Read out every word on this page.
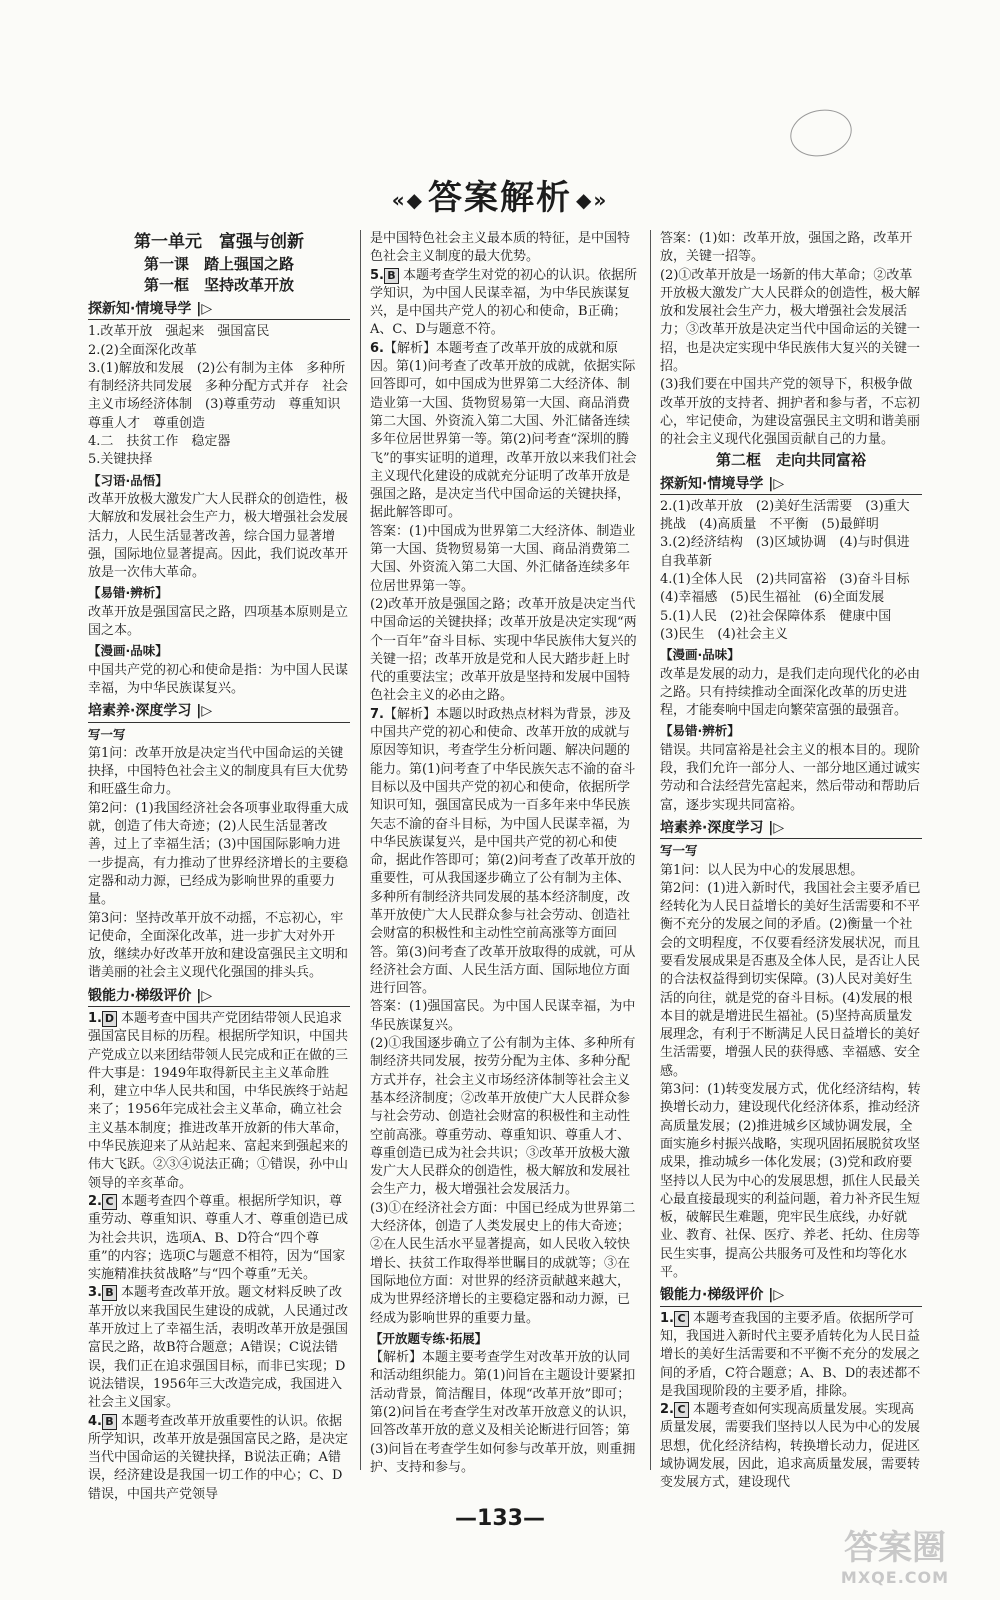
«◆ 答案解析 ◆»
第一单元　富强与创新
第一课　踏上强国之路
第一框　坚持改革开放
探新知·情境导学 |▷

1.改革开放　强起来　强国富民

2.(2)全面深化改革

3.(1)解放和发展　(2)公有制为主体　多种所有制经济共同发展　多种分配方式并存　社会主义市场经济体制　(3)尊重劳动　尊重知识　尊重人才　尊重创造

4.二　扶贫工作　稳定器

5.关键抉择

【习语·品悟】

改革开放极大激发广大人民群众的创造性，极大解放和发展社会生产力，极大增强社会发展活力，人民生活显著改善，综合国力显著增强，国际地位显著提高。因此，我们说改革开放是一次伟大革命。

【易错·辨析】

改革开放是强国富民之路，四项基本原则是立国之本。

【漫画·品味】

中国共产党的初心和使命是指：为中国人民谋幸福，为中华民族谋复兴。

培素养·深度学习 |▷
写一写

第1问：改革开放是决定当代中国命运的关键抉择，中国特色社会主义的制度具有巨大优势和旺盛生命力。

第2问：(1)我国经济社会各项事业取得重大成就，创造了伟大奇迹；(2)人民生活显著改善，过上了幸福生活；(3)中国国际影响力进一步提高，有力推动了世界经济增长的主要稳定器和动力源，已经成为影响世界的重要力量。

第3问：坚持改革开放不动摇，不忘初心，牢记使命，全面深化改革，进一步扩大对外开放，继续办好改革开放和建设富强民主文明和谐美丽的社会主义现代化强国的排头兵。

锻能力·梯级评价 |▷

1. D 本题考查中国共产党团结带领人民追求强国富民目标的历程。根据所学知识，中国共产党成立以来团结带领人民完成和正在做的三件大事是：1949年取得新民主主义革命胜利，建立中华人民共和国，中华民族终于站起来了；1956年完成社会主义革命，确立社会主义基本制度；推进改革开放新的伟大革命，中华民族迎来了从站起来、富起来到强起来的伟大飞跃。②③④说法正确；①错误，孙中山领导的辛亥革命。

2. C 本题考查四个尊重。根据所学知识，尊重劳动、尊重知识、尊重人才、尊重创造已成为社会共识，选项A、B、D符合“四个尊重”的内容；选项C与题意不相符，因为“国家实施精准扶贫战略”与“四个尊重”无关。

3. B 本题考查改革开放。题文材料反映了改革开放以来我国民生建设的成就，人民通过改革开放过上了幸福生活，表明改革开放是强国富民之路，故B符合题意；A错误；C说法错误，我们正在追求强国目标，而非已实现；D说法错误，1956年三大改造完成，我国进入社会主义国家。

4. B 本题考查改革开放重要性的认识。依据所学知识，改革开放是强国富民之路，是决定当代中国命运的关键抉择，B说法正确；A错误，经济建设是我国一切工作的中心；C、D错误，中国共产党领导

是中国特色社会主义最本质的特征，是中国特色社会主义制度的最大优势。

5. B 本题考查学生对党的初心的认识。依据所学知识，为中国人民谋幸福，为中华民族谋复兴，是中国共产党人的初心和使命，B正确；A、C、D与题意不符。

6.【解析】本题考查了改革开放的成就和原因。第(1)问考查了改革开放的成就，依据实际回答即可，如中国成为世界第二大经济体、制造业第一大国、货物贸易第一大国、商品消费第二大国、外资流入第二大国、外汇储备连续多年位居世界第一等。第(2)问考查“深圳的腾飞”的事实证明的道理，改革开放以来我们社会主义现代化建设的成就充分证明了改革开放是强国之路，是决定当代中国命运的关键抉择，据此解答即可。

答案：(1)中国成为世界第二大经济体、制造业第一大国、货物贸易第一大国、商品消费第二大国、外资流入第二大国、外汇储备连续多年位居世界第一等。

(2)改革开放是强国之路；改革开放是决定当代中国命运的关键抉择；改革开放是决定实现“两个一百年”奋斗目标、实现中华民族伟大复兴的关键一招；改革开放是党和人民大踏步赶上时代的重要法宝；改革开放是坚持和发展中国特色社会主义的必由之路。

7.【解析】本题以时政热点材料为背景，涉及中国共产党的初心和使命、改革开放的成就与原因等知识，考查学生分析问题、解决问题的能力。第(1)问考查了中华民族矢志不渝的奋斗目标以及中国共产党的初心和使命，依据所学知识可知，强国富民成为一百多年来中华民族矢志不渝的奋斗目标，为中国人民谋幸福，为中华民族谋复兴，是中国共产党的初心和使命，据此作答即可；第(2)问考查了改革开放的重要性，可从我国逐步确立了公有制为主体、多种所有制经济共同发展的基本经济制度，改革开放使广大人民群众参与社会劳动、创造社会财富的积极性和主动性空前高涨等方面回答。第(3)问考查了改革开放取得的成就，可从经济社会方面、人民生活方面、国际地位方面进行回答。

答案：(1)强国富民。为中国人民谋幸福，为中华民族谋复兴。

(2)①我国逐步确立了公有制为主体、多种所有制经济共同发展，按劳分配为主体、多种分配方式并存，社会主义市场经济体制等社会主义基本经济制度；②改革开放使广大人民群众参与社会劳动、创造社会财富的积极性和主动性空前高涨。尊重劳动、尊重知识、尊重人才、尊重创造已成为社会共识；③改革开放极大激发广大人民群众的创造性，极大解放和发展社会生产力，极大增强社会发展活力。

(3)①在经济社会方面：中国已经成为世界第二大经济体，创造了人类发展史上的伟大奇迹；②在人民生活水平显著提高，如人民收入较快增长、扶贫工作取得举世瞩目的成就等；③在国际地位方面：对世界的经济贡献越来越大，成为世界经济增长的主要稳定器和动力源，已经成为影响世界的重要力量。

【开放题专练·拓展】

【解析】本题主要考查学生对改革开放的认同和活动组织能力。第(1)问旨在主题设计要紧扣活动背景，简洁醒目，体现“改革开放”即可；第(2)问旨在考查学生对改革开放意义的认识，回答改革开放的意义及相关论断进行回答；第(3)问旨在考查学生如何参与改革开放，则重拥护、支持和参与。

答案：(1)如：改革开放，强国之路，改革开放，关键一招等。

(2)①改革开放是一场新的伟大革命；②改革开放极大激发广大人民群众的创造性，极大解放和发展社会生产力，极大增强社会发展活力；③改革开放是决定当代中国命运的关键一招，也是决定实现中华民族伟大复兴的关键一招。

(3)我们要在中国共产党的领导下，积极争做改革开放的支持者、拥护者和参与者，不忘初心，牢记使命，为建设富强民主文明和谐美丽的社会主义现代化强国贡献自己的力量。

第二框　走向共同富裕
探新知·情境导学 |▷

2.(1)改革开放　(2)美好生活需要　(3)重大挑战　(4)高质量　不平衡　(5)最鲜明

3.(2)经济结构　(3)区域协调　(4)与时俱进　自我革新

4.(1)全体人民　(2)共同富裕　(3)奋斗目标　(4)幸福感　(5)民生福祉　(6)全面发展

5.(1)人民　(2)社会保障体系　健康中国　(3)民生　(4)社会主义

【漫画·品味】

改革是发展的动力，是我们走向现代化的必由之路。只有持续推动全面深化改革的历史进程，才能奏响中国走向繁荣富强的最强音。

【易错·辨析】

错误。共同富裕是社会主义的根本目的。现阶段，我们允许一部分人、一部分地区通过诚实劳动和合法经营先富起来，然后带动和帮助后富，逐步实现共同富裕。

培素养·深度学习 |▷
写一写

第1问：以人民为中心的发展思想。

第2问：(1)进入新时代，我国社会主要矛盾已经转化为人民日益增长的美好生活需要和不平衡不充分的发展之间的矛盾。(2)衡量一个社会的文明程度，不仅要看经济发展状况，而且要看发展成果是否惠及全体人民，是否让人民的合法权益得到切实保障。(3)人民对美好生活的向往，就是党的奋斗目标。(4)发展的根本目的就是增进民生福祉。(5)坚持高质量发展理念，有利于不断满足人民日益增长的美好生活需要，增强人民的获得感、幸福感、安全感。

第3问：(1)转变发展方式，优化经济结构，转换增长动力，建设现代化经济体系，推动经济高质量发展；(2)推进城乡区域协调发展，全面实施乡村振兴战略，实现巩固拓展脱贫攻坚成果，推动城乡一体化发展；(3)党和政府要坚持以人民为中心的发展思想，抓住人民最关心最直接最现实的利益问题，着力补齐民生短板，破解民生难题，兜牢民生底线，办好就业、教育、社保、医疗、养老、托幼、住房等民生实事，提高公共服务可及性和均等化水平。

锻能力·梯级评价 |▷

1. C 本题考查我国的主要矛盾。依据所学可知，我国进入新时代主要矛盾转化为人民日益增长的美好生活需要和不平衡不充分的发展之间的矛盾，C符合题意；A、B、D的表述都不是我国现阶段的主要矛盾，排除。

2. C 本题考查如何实现高质量发展。实现高质量发展，需要我们坚持以人民为中心的发展思想，优化经济结构，转换增长动力，促进区域协调发展，因此，追求高质量发展，需要转变发展方式，建设现代

—133—
答案圈
MXQE.COM
